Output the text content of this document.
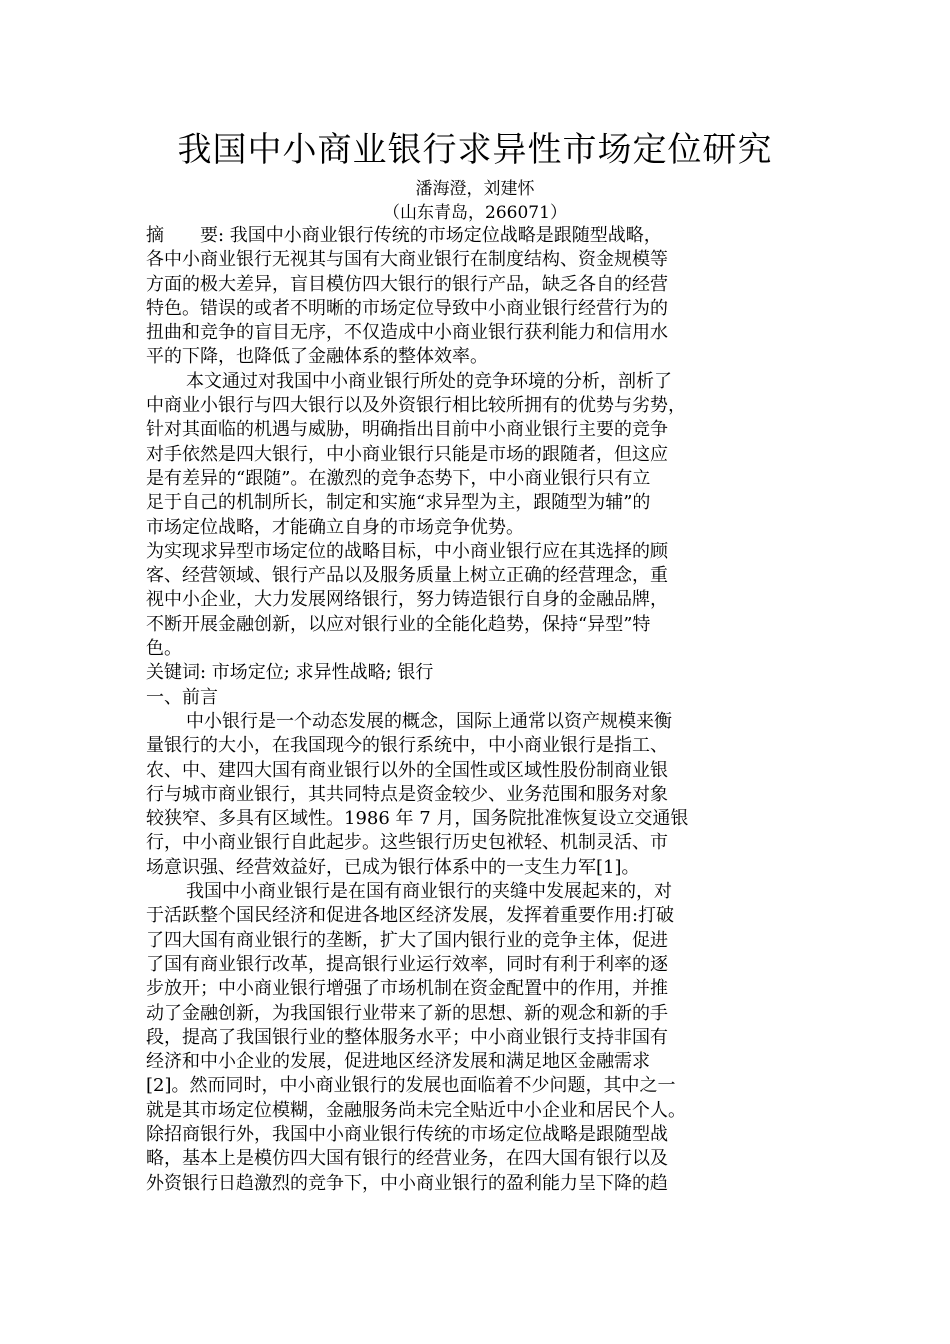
我国中小商业银行求异性市场定位研究
潘海澄，刘建怀
（山东青岛，266071）
摘　　要: 我国中小商业银行传统的市场定位战略是跟随型战略，
各中小商业银行无视其与国有大商业银行在制度结构、资金规模等
方面的极大差异，盲目模仿四大银行的银行产品，缺乏各自的经营
特色。错误的或者不明晰的市场定位导致中小商业银行经营行为的
扭曲和竞争的盲目无序，不仅造成中小商业银行获利能力和信用水
平的下降，也降低了金融体系的整体效率。
本文通过对我国中小商业银行所处的竞争环境的分析，剖析了
中商业小银行与四大银行以及外资银行相比较所拥有的优势与劣势，
针对其面临的机遇与威胁，明确指出目前中小商业银行主要的竞争
对手依然是四大银行，中小商业银行只能是市场的跟随者，但这应
是有差异的“跟随”。在激烈的竞争态势下，中小商业银行只有立
足于自己的机制所长，制定和实施“求异型为主，跟随型为辅”的
市场定位战略，才能确立自身的市场竞争优势。
为实现求异型市场定位的战略目标，中小商业银行应在其选择的顾
客、经营领域、银行产品以及服务质量上树立正确的经营理念，重
视中小企业，大力发展网络银行，努力铸造银行自身的金融品牌，
不断开展金融创新，以应对银行业的全能化趋势，保持“异型”特
色。
关键词: 市场定位; 求异性战略; 银行
一、前言
中小银行是一个动态发展的概念，国际上通常以资产规模来衡
量银行的大小，在我国现今的银行系统中，中小商业银行是指工、
农、中、建四大国有商业银行以外的全国性或区域性股份制商业银
行与城市商业银行，其共同特点是资金较少、业务范围和服务对象
较狭窄、多具有区域性。1986 年 7 月，国务院批准恢复设立交通银
行，中小商业银行自此起步。这些银行历史包袱轻、机制灵活、市
场意识强、经营效益好，已成为银行体系中的一支生力军[1]。
我国中小商业银行是在国有商业银行的夹缝中发展起来的，对
于活跃整个国民经济和促进各地区经济发展，发挥着重要作用:打破
了四大国有商业银行的垄断，扩大了国内银行业的竞争主体，促进
了国有商业银行改革，提高银行业运行效率，同时有利于利率的逐
步放开；中小商业银行增强了市场机制在资金配置中的作用，并推
动了金融创新，为我国银行业带来了新的思想、新的观念和新的手
段，提高了我国银行业的整体服务水平；中小商业银行支持非国有
经济和中小企业的发展，促进地区经济发展和满足地区金融需求
[2]。然而同时，中小商业银行的发展也面临着不少问题，其中之一
就是其市场定位模糊，金融服务尚未完全贴近中小企业和居民个人。
除招商银行外，我国中小商业银行传统的市场定位战略是跟随型战
略，基本上是模仿四大国有银行的经营业务，在四大国有银行以及
外资银行日趋激烈的竞争下，中小商业银行的盈利能力呈下降的趋
